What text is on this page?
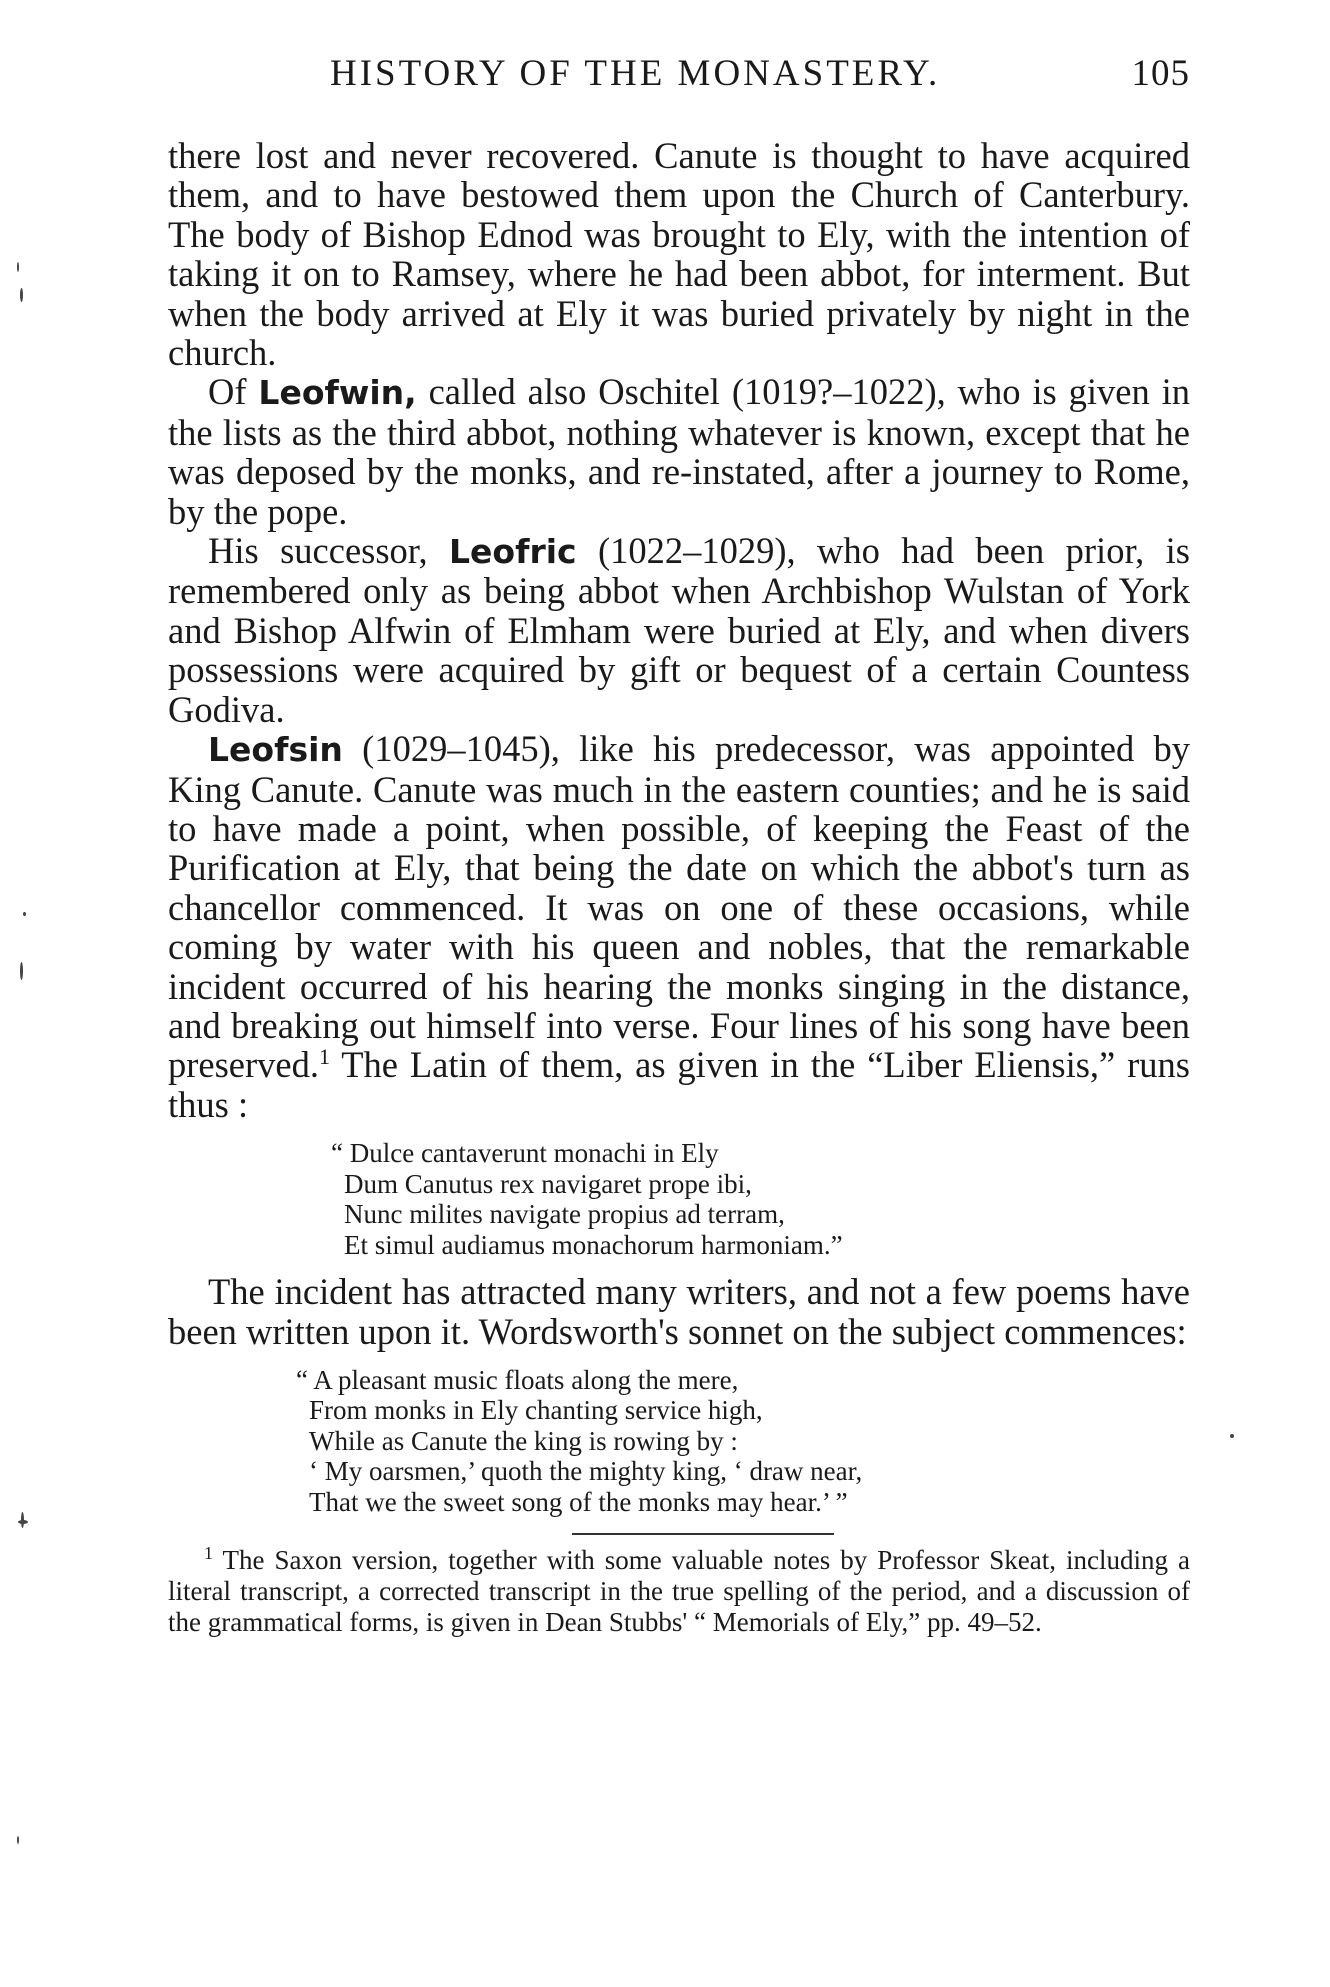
HISTORY OF THE MONASTERY.	105

there lost and never recovered. Canute is thought to have acquired them, and to have bestowed them upon the Church of Canterbury. The body of Bishop Ednod was brought to Ely, with the intention of taking it on to Ramsey, where he had been abbot, for interment. But when the body arrived at Ely it was buried privately by night in the church.

Of Leofwin, called also Oschitel (1019?–1022), who is given in the lists as the third abbot, nothing whatever is known, except that he was deposed by the monks, and re-instated, after a journey to Rome, by the pope.

His successor, Leofric (1022–1029), who had been prior, is remembered only as being abbot when Archbishop Wulstan of York and Bishop Alfwin of Elmham were buried at Ely, and when divers possessions were acquired by gift or bequest of a certain Countess Godiva.

Leofsin (1029–1045), like his predecessor, was appointed by King Canute. Canute was much in the eastern counties; and he is said to have made a point, when possible, of keeping the Feast of the Purification at Ely, that being the date on which the abbot's turn as chancellor commenced. It was on one of these occasions, while coming by water with his queen and nobles, that the remarkable incident occurred of his hearing the monks singing in the distance, and breaking out himself into verse. Four lines of his song have been preserved.$^1$ The Latin of them, as given in the “Liber Eliensis,” runs thus :

“ Dulce cantaverunt monachi in Ely
Dum Canutus rex navigaret prope ibi,
Nunc milites navigate propius ad terram,
Et simul audiamus monachorum harmoniam.”

The incident has attracted many writers, and not a few poems have been written upon it. Wordsworth's sonnet on the subject commences:

“ A pleasant music floats along the mere,
From monks in Ely chanting service high,
While as Canute the king is rowing by :
‘ My oarsmen,’ quoth the mighty king, ‘ draw near,
That we the sweet song of the monks may hear.’ ”

$^1$ The Saxon version, together with some valuable notes by Professor Skeat, including a literal transcript, a corrected transcript in the true spelling of the period, and a discussion of the grammatical forms, is given in Dean Stubbs' “ Memorials of Ely,” pp. 49–52.
